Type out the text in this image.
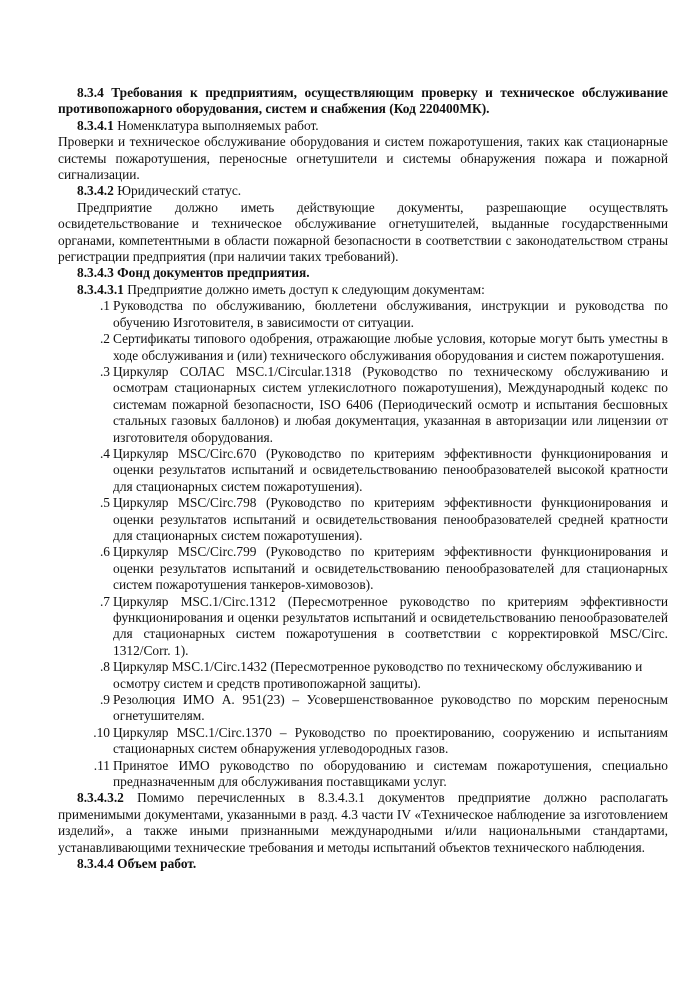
8.3.4 Требования к предприятиям, осуществляющим проверку и техническое обслуживание противопожарного оборудования, систем и снабжения (Код 220400МК).

8.3.4.1 Номенклатура выполняемых работ.

Проверки и техническое обслуживание оборудования и систем пожаротушения, таких как стационарные системы пожаротушения, переносные огнетушители и системы обнаружения пожара и пожарной сигнализации.

8.3.4.2 Юридический статус.

Предприятие должно иметь действующие документы, разрешающие осуществлять освидетельствование и техническое обслуживание огнетушителей, выданные государственными органами, компетентными в области пожарной безопасности в соответствии с законодательством страны регистрации предприятия (при наличии таких требований).

8.3.4.3 Фонд документов предприятия.

8.3.4.3.1 Предприятие должно иметь доступ к следующим документам:

.1 Руководства по обслуживанию, бюллетени обслуживания, инструкции и руководства по обучению Изготовителя, в зависимости от ситуации.
.2 Сертификаты типового одобрения, отражающие любые условия, которые могут быть уместны в ходе обслуживания и (или) технического обслуживания оборудования и систем пожаротушения.
.3 Циркуляр СОЛАС MSC.1/Circular.1318 (Руководство по техническому обслуживанию и осмотрам стационарных систем углекислотного пожаротушения), Международный кодекс по системам пожарной безопасности, ISO 6406 (Периодический осмотр и испытания бесшовных стальных газовых баллонов) и любая документация, указанная в авторизации или лицензии от изготовителя оборудования.
.4 Циркуляр MSC/Circ.670 (Руководство по критериям эффективности функционирования и оценки результатов испытаний и освидетельствованию пенообразователей высокой кратности для стационарных систем пожаротушения).
.5 Циркуляр MSC/Circ.798 (Руководство по критериям эффективности функционирования и оценки результатов испытаний и освидетельствования пенообразователей средней кратности для стационарных систем пожаротушения).
.6 Циркуляр MSC/Circ.799 (Руководство по критериям эффективности функционирования и оценки результатов испытаний и освидетельствованию пенообразователей для стационарных систем пожаротушения танкеров-химовозов).
.7 Циркуляр MSC.1/Circ.1312 (Пересмотренное руководство по критериям эффективности функционирования и оценки результатов испытаний и освидетельствованию пенообразователей для стационарных систем пожаротушения в соответствии с корректировкой MSC/Circ. 1312/Corr. 1).
.8 Циркуляр MSC.1/Circ.1432 (Пересмотренное руководство по техническому обслуживанию и осмотру систем и средств противопожарной защиты).
.9 Резолюция ИМО A. 951(23) – Усовершенствованное руководство по морским переносным огнетушителям.
.10 Циркуляр MSC.1/Circ.1370 – Руководство по проектированию, сооружению и испытаниям стационарных систем обнаружения углеводородных газов.
.11 Принятое ИМО руководство по оборудованию и системам пожаротушения, специально предназначенным для обслуживания поставщиками услуг.

8.3.4.3.2 Помимо перечисленных в 8.3.4.3.1 документов предприятие должно располагать применимыми документами, указанными в разд. 4.3 части IV «Техническое наблюдение за изготовлением изделий», а также иными признанными международными и/или национальными стандартами, устанавливающими технические требования и методы испытаний объектов технического наблюдения.

8.3.4.4 Объем работ.
